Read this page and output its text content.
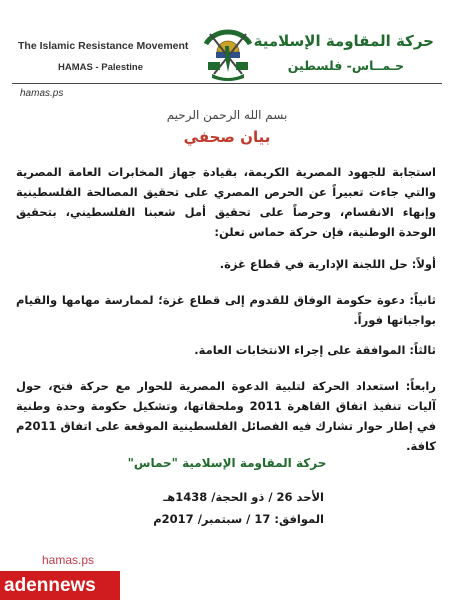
The Islamic Resistance Movement
HAMAS - Palestine
حركة المقاومة الإسلامية
حـمــاس- فلسطين
hamas.ps
بسم الله الرحمن الرحيم
بيان صحفي
استجابة للجهود المصرية الكريمة، بقيادة جهاز المخابرات العامة المصرية والتي جاءت تعبيراً عن الحرص المصري على تحقيق المصالحة الفلسطينية وإنهاء الانقسام، وحرصاً على تحقيق أمل شعبنا الفلسطيني، بتحقيق الوحدة الوطنية، فإن حركة حماس تعلن:
أولاً: حل اللجنة الإدارية في قطاع غزة.
ثانياً: دعوة حكومة الوفاق للقدوم إلى قطاع غزة؛ لممارسة مهامها والقيام بواجباتها فوراً.
ثالثاً: الموافقة على إجراء الانتخابات العامة.
رابعاً: استعداد الحركة لتلبية الدعوة المصرية للحوار مع حركة فتح، حول آليات تنفيذ اتفاق القاهرة 2011 وملحقاتها، وتشكيل حكومة وحدة وطنية في إطار حوار تشارك فيه الفصائل الفلسطينية الموقعة على اتفاق 2011م كافة.
حركة المقاومة الإسلامية "حماس"
الأحد 26 / ذو الحجة/ 1438هـ
الموافق: 17 / سبتمبر/ 2017م
hamas.ps
adennews
